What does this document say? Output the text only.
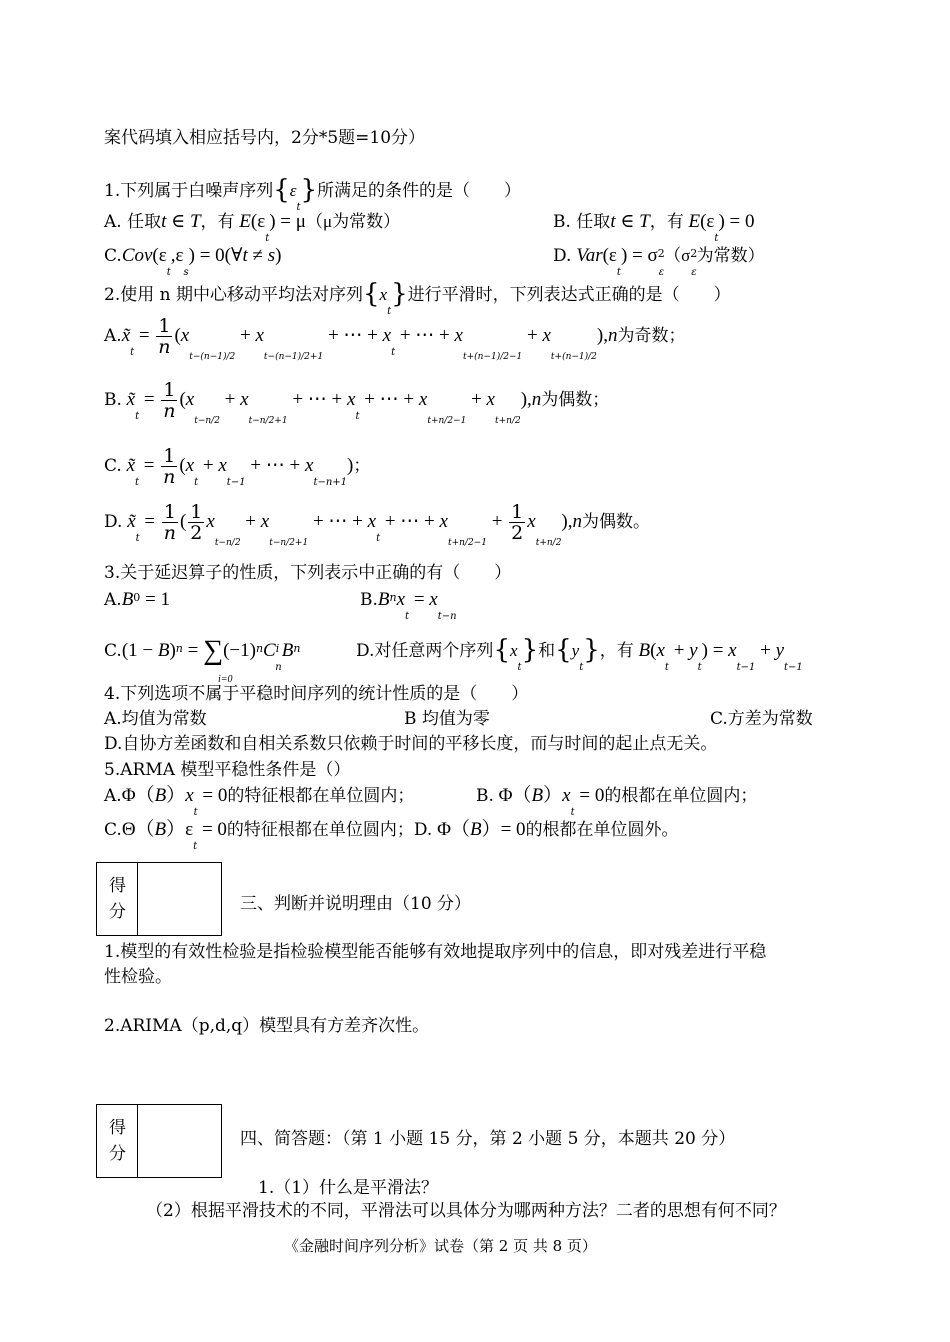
案代码填入相应括号内，2分*5题=10分）
1.下列属于白噪声序列$\{\varepsilon_t\}$所满足的条件的是（　　）
A. 任取t ∈ T，有 $E(\varepsilon_t) = \mu(\mu$为常数）	B. 任取t ∈ T，有 $E(\varepsilon_t) = 0$
$C.Cov(\varepsilon_t,\varepsilon_s)$ = 0(∀t ≠ s)	D. $Var(\varepsilon_t) = \sigma^2_\varepsilon(\sigma^2_\varepsilon$为常数）
2.使用 n 期中心移动平均法对序列$\{x_t\}$进行平滑时，下列表达式正确的是（　　）
$A.x̃_t = \frac{1}{n} (x_{t-(n-1)/2} + x_{t-(n-1)/2+1}$ + ⋯ + $x_t$ + ⋯ + $x_{t+(n-1)/2-1} + x_{t+(n-1)/2}),n$为奇数；
B. $x̃_t = \frac{1}{n} (x_{t-n/2} + x_{t-n/2+1}$ + ⋯ + $x_t$ + ⋯ + $x_{t+n/2-1} + x_{t+n/2}),n$为偶数；
C. $x̃_t = \frac{1}{n} (x_t + x_{t-1}$ + ⋯ + $x_{t-n+1}$)；
D. $x̃_t = \frac{1}{n}$ ( $\frac{1}{2} x_{t-n/2} + x_{t-n/2+1}$ + ⋯ + $x_t$ + ⋯ + $x_{t+n/2-1} + \frac{1}{2} x_{t+n/2}),n$为偶数。
3.关于延迟算子的性质，下列表示中正确的有（　　）
$A.B^0 = 1$	$B.B^nx_t = x_{t-n}$
$C.(1 - B)^n = \sum(-1)^nC^i_nB^n$
i=0
D.对任意两个序列$\{x_t\}$和$\{y_t\}$，有 $B(x_t + y_t) = x_{t-1} + y_{t-1}$
4.下列选项不属于平稳时间序列的统计性质的是（　　）
A.均值为常数	B 均值为零	C.方差为常数
D.自协方差函数和自相关系数只依赖于时间的平移长度，而与时间的起止点无关。
5.ARMA 模型平稳性条件是（）
$A.\Phi(B)x_t = 0$的特征根都在单位圆内；	B. $\Phi(B)x_t = 0$的根都在单位圆内；
$C.\Theta(B)\varepsilon_t = 0$的特征根都在单位圆内；D. Φ（B）= 0的根都在单位圆外。
得
分	三、判断并说明理由（10 分）
1.模型的有效性检验是指检验模型能否能够有效地提取序列中的信息，即对残差进行平稳
性检验。
2.ARIMA（p,d,q）模型具有方差齐次性。
得
分
四、简答题：（第 1 小题 15 分，第 2 小题 5 分，本题共 20 分）
1.（1）什么是平滑法？
（2）根据平滑技术的不同，平滑法可以具体分为哪两种方法？二者的思想有何不同？
《金融时间序列分析》试卷（第 2 页 共 8 页）
